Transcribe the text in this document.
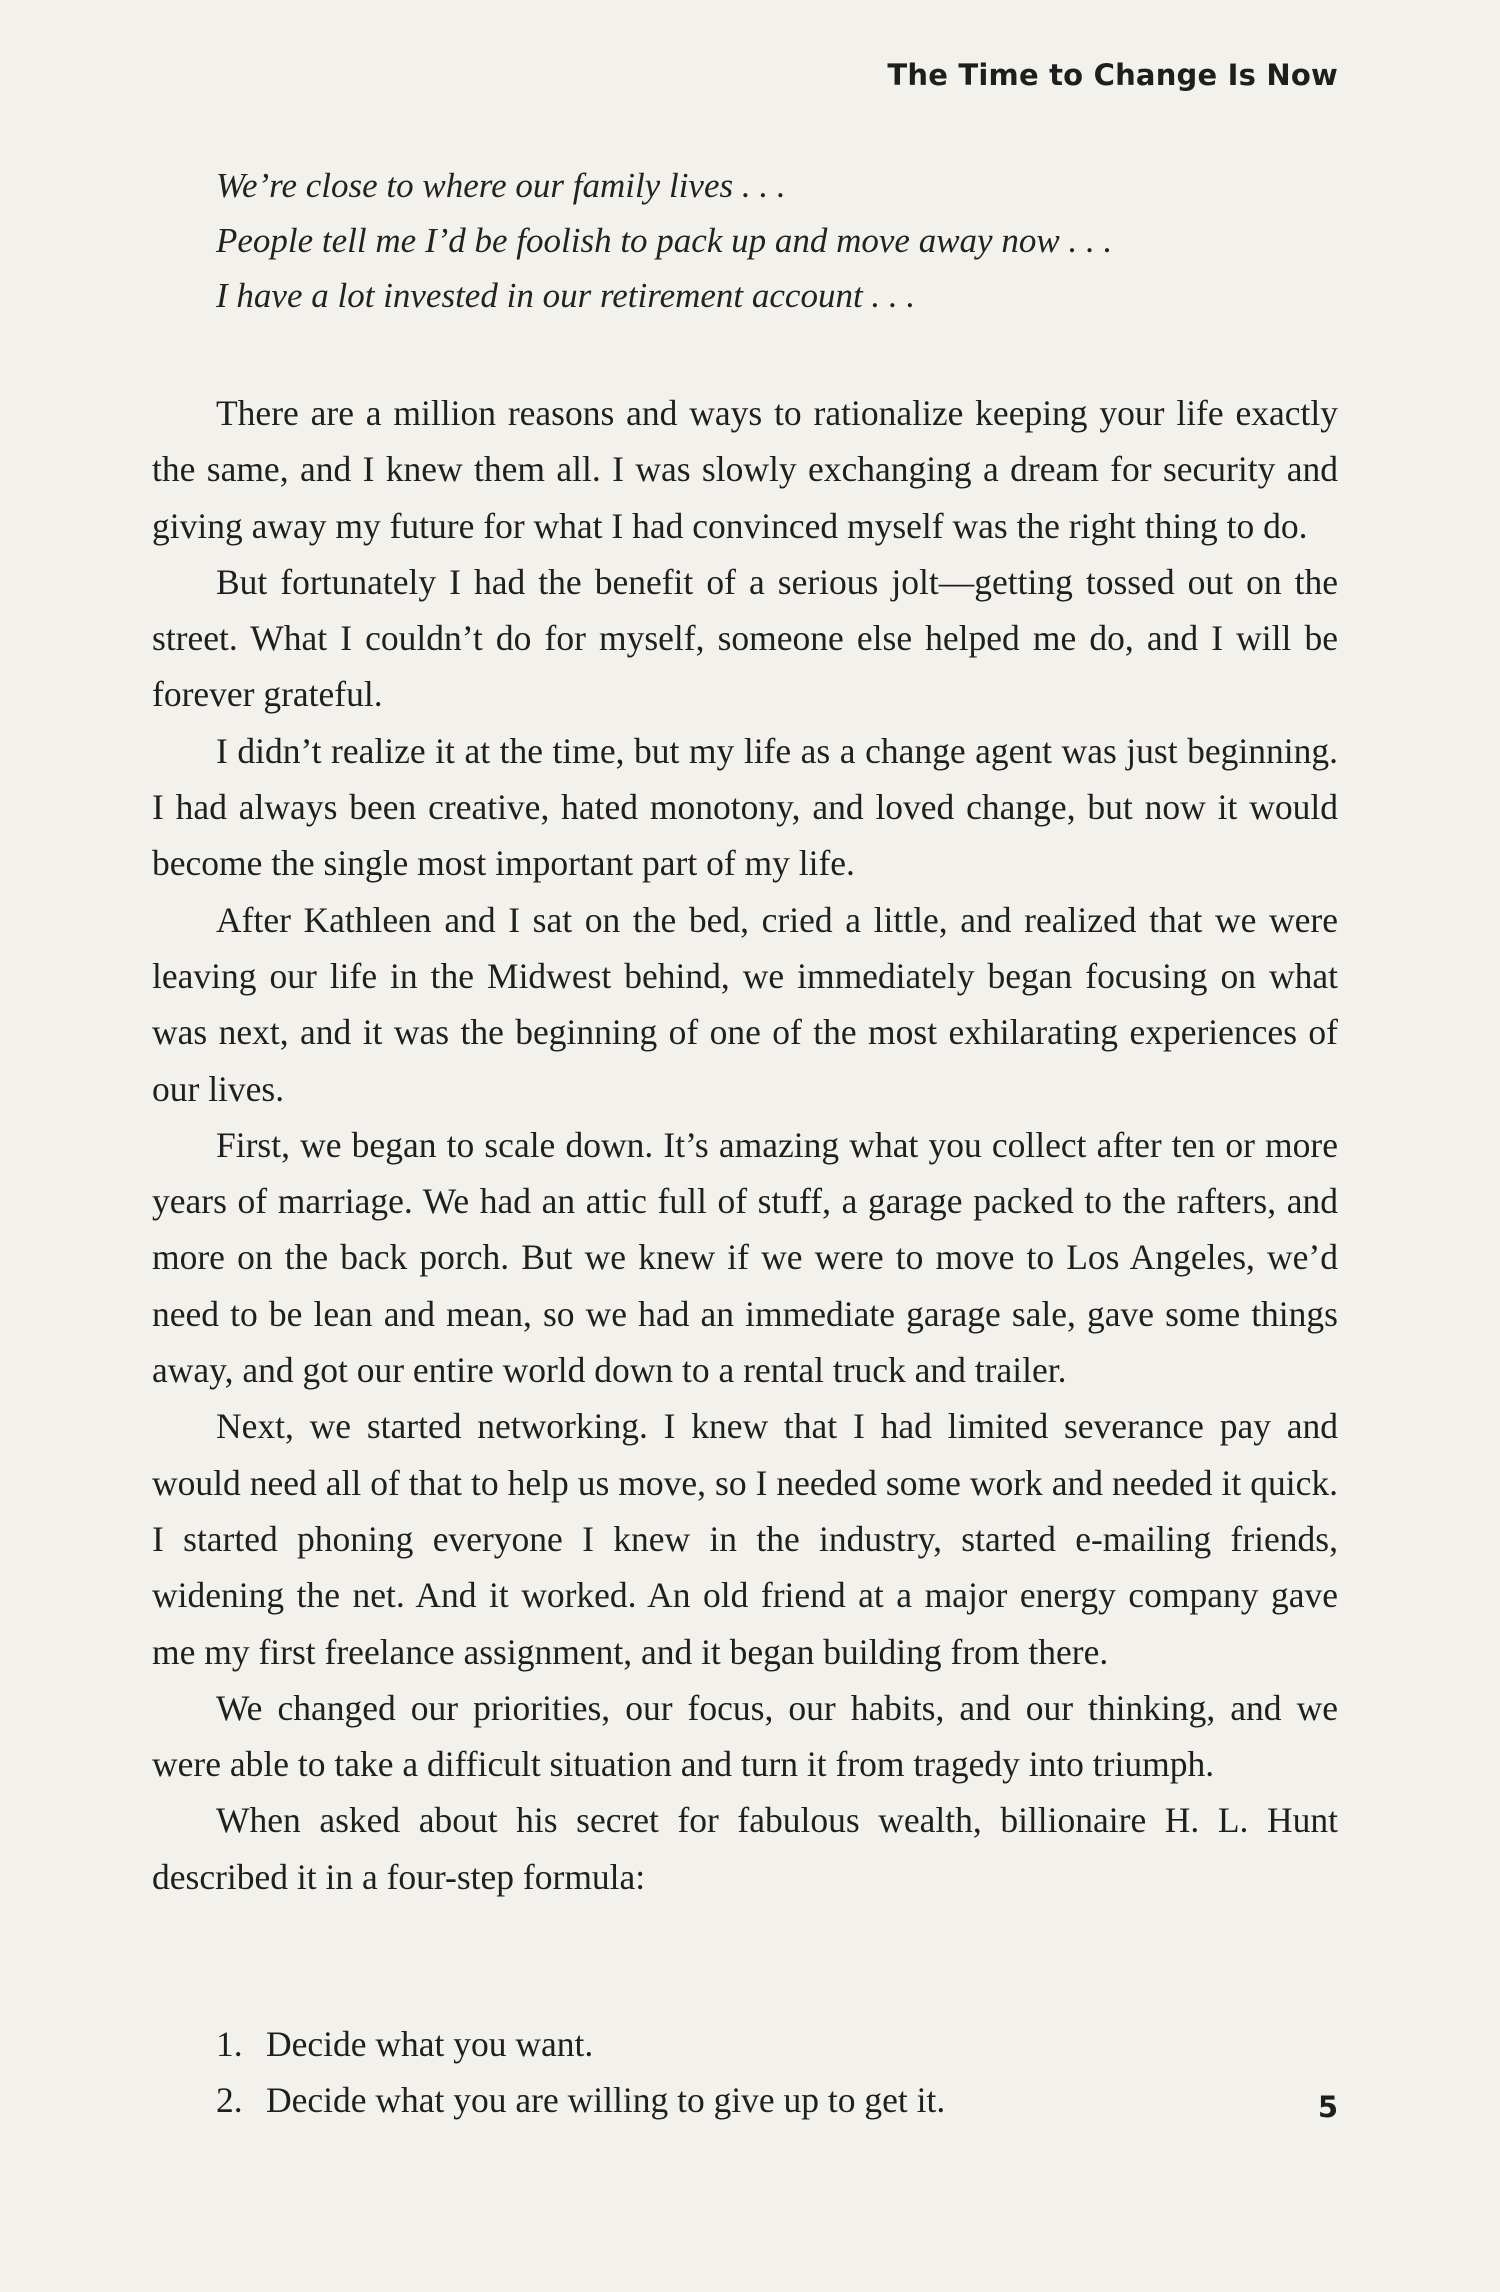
The Time to Change Is Now
We’re close to where our family lives . . .
People tell me I’d be foolish to pack up and move away now . . .
I have a lot invested in our retirement account . . .

There are a million reasons and ways to rationalize keeping your life exactly the same, and I knew them all. I was slowly exchanging a dream for security and giving away my future for what I had convinced myself was the right thing to do.

But fortunately I had the benefit of a serious jolt—getting tossed out on the street. What I couldn’t do for myself, someone else helped me do, and I will be forever grateful.

I didn’t realize it at the time, but my life as a change agent was just beginning. I had always been creative, hated monotony, and loved change, but now it would become the single most important part of my life.

After Kathleen and I sat on the bed, cried a little, and realized that we were leaving our life in the Midwest behind, we immediately began focusing on what was next, and it was the beginning of one of the most exhilarating experiences of our lives.

First, we began to scale down. It’s amazing what you collect after ten or more years of marriage. We had an attic full of stuff, a garage packed to the rafters, and more on the back porch. But we knew if we were to move to Los Angeles, we’d need to be lean and mean, so we had an immediate garage sale, gave some things away, and got our entire world down to a rental truck and trailer.

Next, we started networking. I knew that I had limited severance pay and would need all of that to help us move, so I needed some work and needed it quick. I started phoning everyone I knew in the industry, started e-mailing friends, widening the net. And it worked. An old friend at a major energy company gave me my first freelance assignment, and it began building from there.

We changed our priorities, our focus, our habits, and our thinking, and we were able to take a difficult situation and turn it from tragedy into triumph.

When asked about his secret for fabulous wealth, billionaire H. L. Hunt described it in a four-step formula:

1. Decide what you want.
2. Decide what you are willing to give up to get it.	5
